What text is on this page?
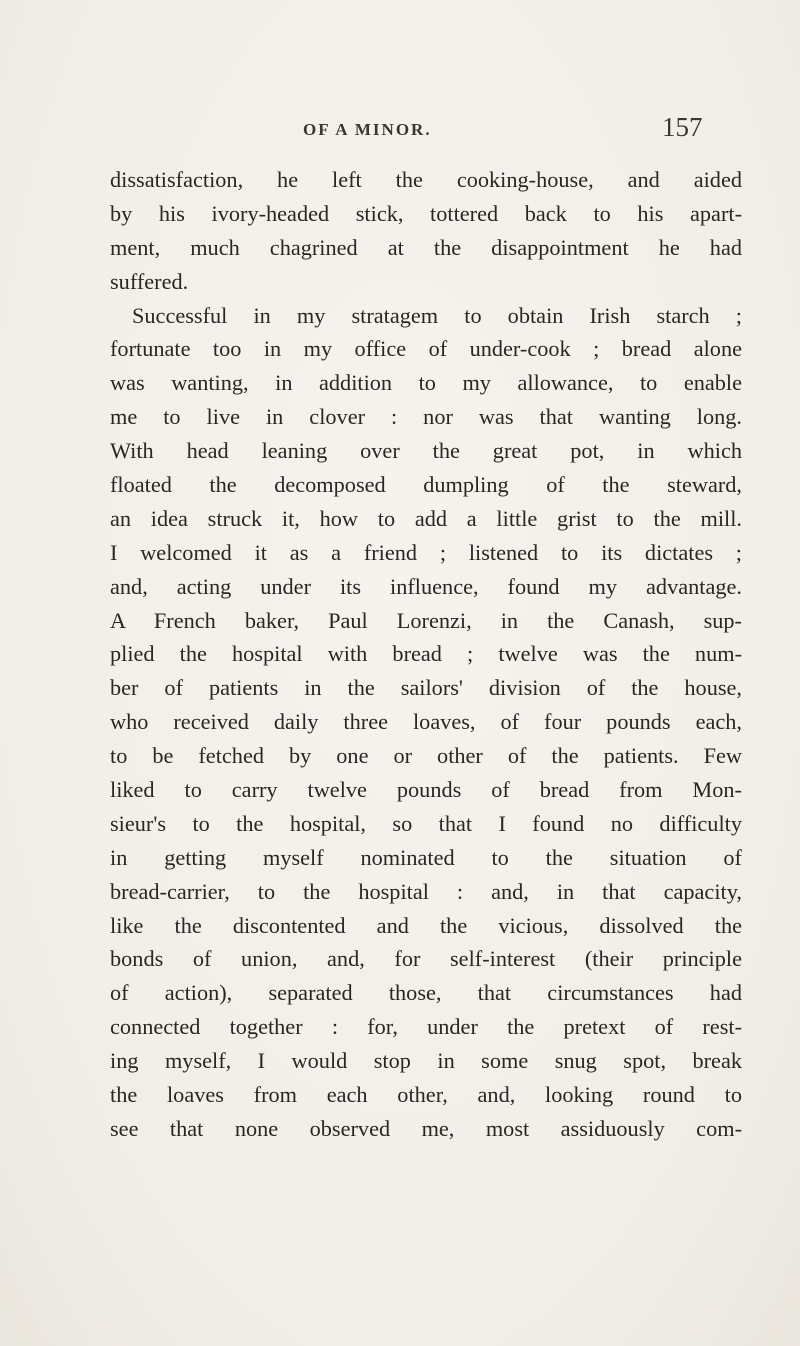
OF A MINOR.	157
dissatisfaction, he left the cooking-house, and aided
by his ivory-headed stick, tottered back to his apart-
ment, much chagrined at the disappointment he had
suffered.
Successful in my stratagem to obtain Irish starch ;
fortunate too in my office of under-cook ; bread alone
was wanting, in addition to my allowance, to enable
me to live in clover : nor was that wanting long.
With head leaning over the great pot, in which
floated the decomposed dumpling of the steward,
an idea struck it, how to add a little grist to the mill.
I welcomed it as a friend ; listened to its dictates ;
and, acting under its influence, found my advantage.
A French baker, Paul Lorenzi, in the Canash, sup-
plied the hospital with bread ; twelve was the num-
ber of patients in the sailors' division of the house,
who received daily three loaves, of four pounds each,
to be fetched by one or other of the patients. Few
liked to carry twelve pounds of bread from Mon-
sieur's to the hospital, so that I found no difficulty
in getting myself nominated to the situation of
bread-carrier, to the hospital : and, in that capacity,
like the discontented and the vicious, dissolved the
bonds of union, and, for self-interest (their principle
of action), separated those, that circumstances had
connected together : for, under the pretext of rest-
ing myself, I would stop in some snug spot, break
the loaves from each other, and, looking round to
see that none observed me, most assiduously com-
